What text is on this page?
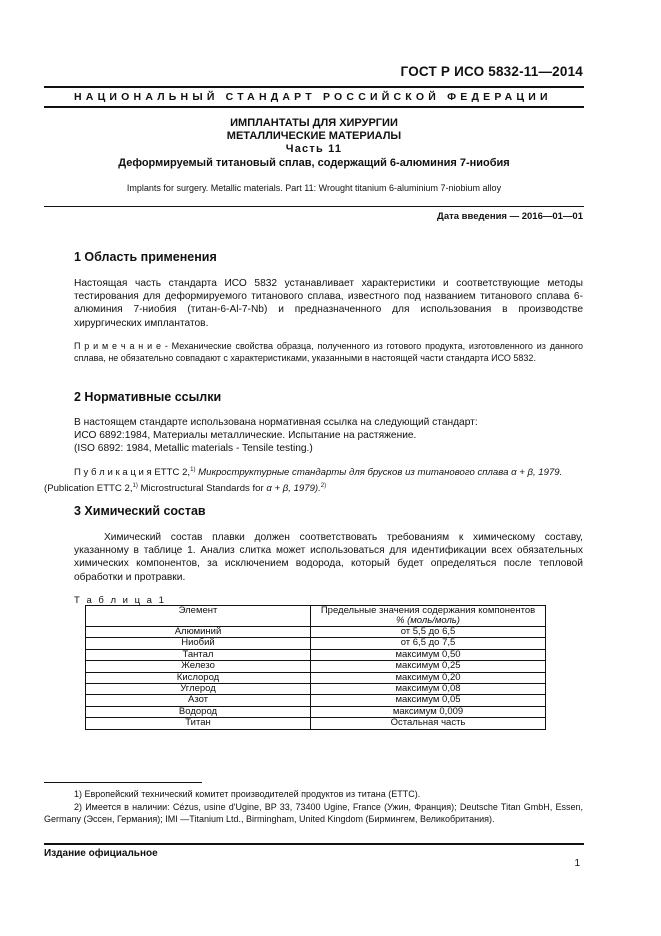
ГОСТ Р ИСО 5832-11—2014
НАЦИОНАЛЬНЫЙ СТАНДАРТ РОССИЙСКОЙ ФЕДЕРАЦИИ
ИМПЛАНТАТЫ ДЛЯ ХИРУРГИИ
МЕТАЛЛИЧЕСКИЕ МАТЕРИАЛЫ
Часть 11
Деформируемый титановый сплав, содержащий 6-алюминия 7-ниобия
Implants for surgery. Metallic materials. Part 11: Wrought titanium 6-aluminium 7-niobium alloy
Дата введения — 2016—01—01
1 Область применения

Настоящая часть стандарта ИСО 5832 устанавливает характеристики и соответствующие методы тестирования для деформируемого титанового сплава, известного под названием титанового сплава 6-алюминия 7-ниобия (титан-6-Al-7-Nb) и предназначенного для использования в производстве хирургических имплантатов.

П р и м е ч а н и е - Механические свойства образца, полученного из готового продукта, изготовленного из данного сплава, не обязательно совпадают с характеристиками, указанными в настоящей части стандарта ИСО 5832.

2 Нормативные ссылки
В настоящем стандарте использована нормативная ссылка на следующий стандарт:
ИСО 6892:1984, Материалы металлические. Испытание на растяжение.
(ISO 6892: 1984, Metallic materials - Tensile testing.)

П у б л и к а ц и я ETTC 2,$^{1)}$ Микроструктурные стандарты для брусков из титанового сплава α + β, 1979. (Publication ETTC 2,$^{1)}$ Microstructural Standards for α + β, 1979).$^{2)}$

3 Химический состав

Химический состав плавки должен соответствовать требованиям к химическому составу, указанному в таблице 1. Анализ слитка может использоваться для идентификации всех обязательных химических компонентов, за исключением водорода, который будет определяться после тепловой обработки и протравки.

Т а б л и ц а 1
Элемент	Предельные значения содержания компонентов
% (моль/моль)
Алюминий	от 5,5 до 6,5
Ниобий	от 6,5 до 7,5
Тантал	максимум 0,50
Железо	максимум 0,25
Кислород	максимум 0,20
Углерод	максимум 0,08
Азот	максимум 0,05
Водород	максимум 0,009
Титан	Остальная часть

1) Европейский технический комитет производителей продуктов из титана (ETTC).

2) Имеется в наличии: Cézus, usine d'Ugine, BP 33, 73400 Ugine, France (Ужин, Франция); Deutsche Titan GmbH, Essen, Germany (Эссен, Германия); IMI —Titanium Ltd., Birmingham, United Kingdom (Бирмингем, Великобритания).

Издание официальное
1
